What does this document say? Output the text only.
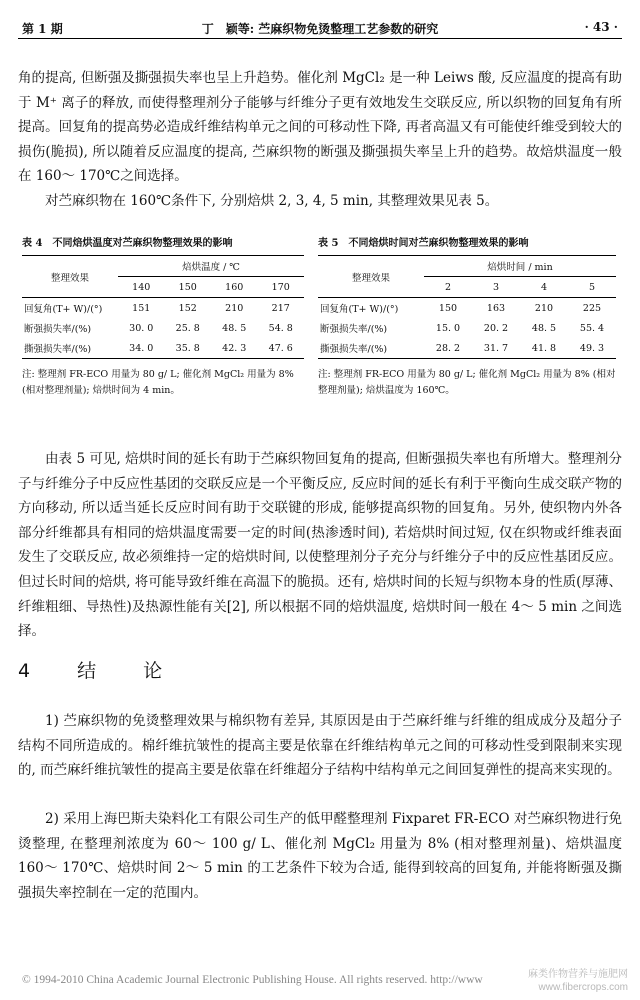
第 1 期	丁　颖等: 苎麻织物免烫整理工艺参数的研究	· 43 ·

角的提高, 但断强及撕强损失率也呈上升趋势。催化剂 MgCl₂ 是一种 Leiws 酸, 反应温度的提高有助于 M⁺ 离子的释放, 而使得整理剂分子能够与纤维分子更有效地发生交联反应, 所以织物的回复角有所提高。回复角的提高势必造成纤维结构单元之间的可移动性下降, 再者高温又有可能使纤维受到较大的损伤(脆损), 所以随着反应温度的提高, 苎麻织物的断强及撕强损失率呈上升的趋势。故焙烘温度一般在 160～ 170℃之间选择。

对苎麻织物在 160℃条件下, 分别焙烘 2, 3, 4, 5 min, 其整理效果见表 5。

表 4　不同焙烘温度对苎麻织物整理效果的影响
整理效果	焙烘温度 / ℃			
	140	150	160	170
回复角(T+ W)/(°)	151	152	210	217
断强损失率/(%)	30. 0	25. 8	48. 5	54. 8
撕强损失率/(%)	34. 0	35. 8	42. 3	47. 6
注: 整理剂 FR-ECO 用量为 80 g/ L; 催化剂 MgCl₂ 用量为 8% (相对整理剂量); 焙烘时间为 4 min。
表 5　不同焙烘时间对苎麻织物整理效果的影响
整理效果	焙烘时间 / min			
	2	3	4	5
回复角(T+ W)/(°)	150	163	210	225
断强损失率/(%)	15. 0	20. 2	48. 5	55. 4
撕强损失率/(%)	28. 2	31. 7	41. 8	49. 3
注: 整理剂 FR-ECO 用量为 80 g/ L; 催化剂 MgCl₂ 用量为 8% (相对整理剂量); 焙烘温度为 160℃。

由表 5 可见, 焙烘时间的延长有助于苎麻织物回复角的提高, 但断强损失率也有所增大。整理剂分子与纤维分子中反应性基团的交联反应是一个平衡反应, 反应时间的延长有利于平衡向生成交联产物的方向移动, 所以适当延长反应时间有助于交联键的形成, 能够提高织物的回复角。另外, 使织物内外各部分纤维都具有相同的焙烘温度需要一定的时间(热渗透时间), 若焙烘时间过短, 仅在织物或纤维表面发生了交联反应, 故必须维持一定的焙烘时间, 以使整理剂分子充分与纤维分子中的反应性基团反应。但过长时间的焙烘, 将可能导致纤维在高温下的脆损。还有, 焙烘时间的长短与织物本身的性质(厚薄、纤维粗细、导热性)及热源性能有关[2], 所以根据不同的焙烘温度, 焙烘时间一般在 4～ 5 min 之间选择。

4　结　论

1) 苎麻织物的免烫整理效果与棉织物有差异, 其原因是由于苎麻纤维与纤维的组成成分及超分子结构不同所造成的。棉纤维抗皱性的提高主要是依靠在纤维结构单元之间的可移动性受到限制来实现的, 而苎麻纤维抗皱性的提高主要是依靠在纤维超分子结构中结构单元之间回复弹性的提高来实现的。

2) 采用上海巴斯夫染料化工有限公司生产的低甲醛整理剂 Fixparet FR-ECO 对苎麻织物进行免烫整理, 在整理剂浓度为 60～ 100 g/ L、催化剂 MgCl₂ 用量为 8% (相对整理剂量)、焙烘温度 160～ 170℃、焙烘时间 2～ 5 min 的工艺条件下较为合适, 能得到较高的回复角, 并能将断强及撕强损失率控制在一定的范围内。

© 1994-2010 China Academic Journal Electronic Publishing House. All rights reserved. http://www	麻类作物营养与施肥网
www.fibercrops.com
